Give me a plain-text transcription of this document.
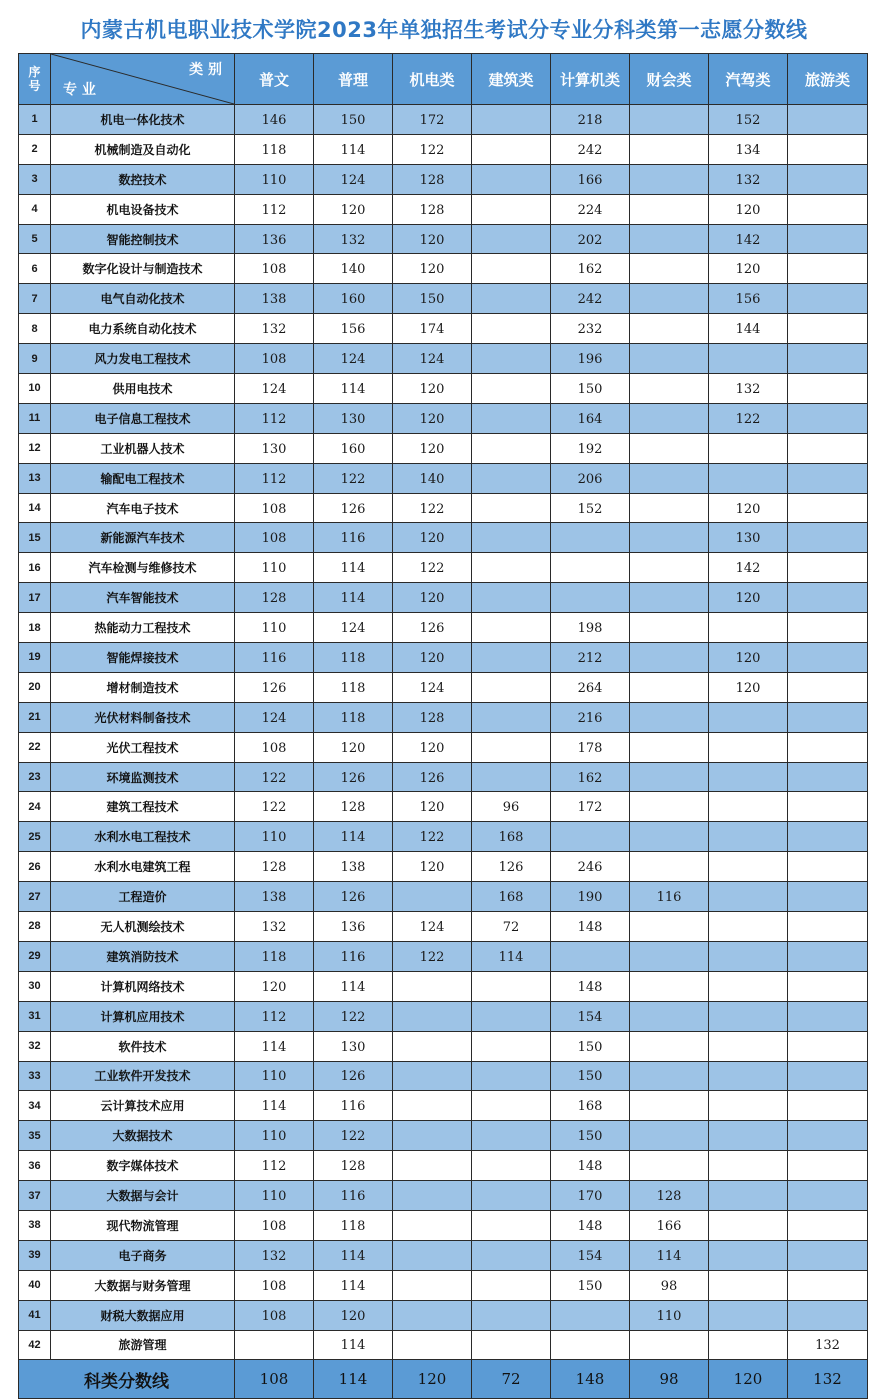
内蒙古机电职业技术学院2023年单独招生考试分专业分科类第一志愿分数线
序
号	类 别
专 业	普文	普理	机电类	建筑类	计算机类	财会类	汽驾类	旅游类
1	机电一体化技术	146	150	172		218		152	
2	机械制造及自动化	118	114	122		242		134	
3	数控技术	110	124	128		166		132	
4	机电设备技术	112	120	128		224		120	
5	智能控制技术	136	132	120		202		142	
6	数字化设计与制造技术	108	140	120		162		120	
7	电气自动化技术	138	160	150		242		156	
8	电力系统自动化技术	132	156	174		232		144	
9	风力发电工程技术	108	124	124		196			
10	供用电技术	124	114	120		150		132	
11	电子信息工程技术	112	130	120		164		122	
12	工业机器人技术	130	160	120		192			
13	输配电工程技术	112	122	140		206			
14	汽车电子技术	108	126	122		152		120	
15	新能源汽车技术	108	116	120				130	
16	汽车检测与维修技术	110	114	122				142	
17	汽车智能技术	128	114	120				120	
18	热能动力工程技术	110	124	126		198			
19	智能焊接技术	116	118	120		212		120	
20	增材制造技术	126	118	124		264		120	
21	光伏材料制备技术	124	118	128		216			
22	光伏工程技术	108	120	120		178			
23	环境监测技术	122	126	126		162			
24	建筑工程技术	122	128	120	96	172			
25	水利水电工程技术	110	114	122	168				
26	水利水电建筑工程	128	138	120	126	246			
27	工程造价	138	126		168	190	116		
28	无人机测绘技术	132	136	124	72	148			
29	建筑消防技术	118	116	122	114				
30	计算机网络技术	120	114			148			
31	计算机应用技术	112	122			154			
32	软件技术	114	130			150			
33	工业软件开发技术	110	126			150			
34	云计算技术应用	114	116			168			
35	大数据技术	110	122			150			
36	数字媒体技术	112	128			148			
37	大数据与会计	110	116			170	128		
38	现代物流管理	108	118			148	166		
39	电子商务	132	114			154	114		
40	大数据与财务管理	108	114			150	98		
41	财税大数据应用	108	120				110		
42	旅游管理		114						132
科类分数线		108	114	120	72	148	98	120	132
